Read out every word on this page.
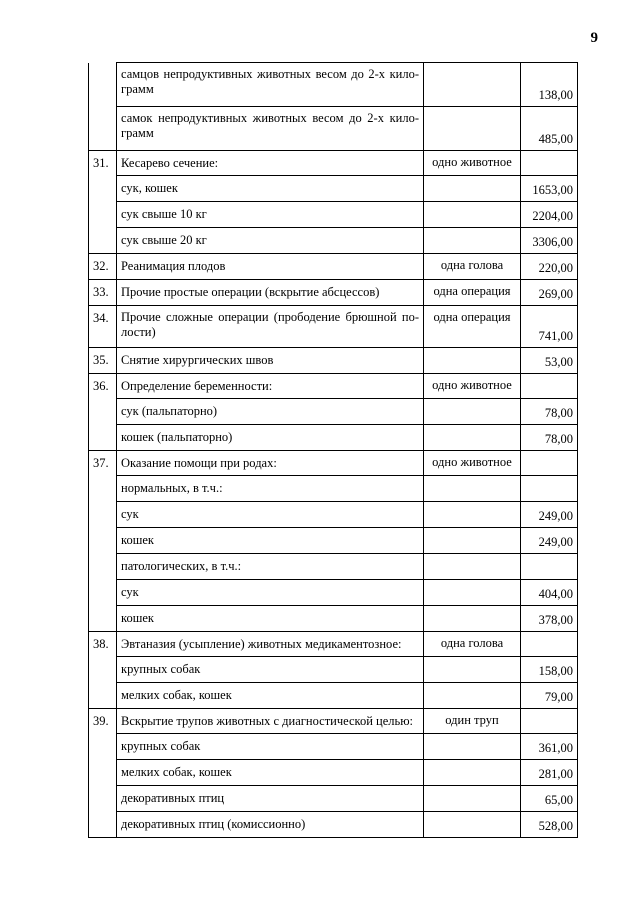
9
	самцов непродуктивных животных весом до 2-х кило-грамм		138,00
	самок непродуктивных животных весом до 2-х кило-грамм		485,00
31.	Кесарево сечение:	одно животное	
	сук, кошек		1653,00
	сук свыше 10 кг		2204,00
	сук свыше 20 кг		3306,00
32.	Реанимация плодов	одна голова	220,00
33.	Прочие простые операции (вскрытие абсцессов)	одна операция	269,00
34.	Прочие сложные операции (прободение брюшной по-лости)	одна операция	741,00
35.	Снятие хирургических швов		53,00
36.	Определение беременности:	одно животное	
	сук (пальпаторно)		78,00
	кошек (пальпаторно)		78,00
37.	Оказание помощи при родах:	одно животное	
	нормальных, в т.ч.:		
	сук		249,00
	кошек		249,00
	патологических, в т.ч.:		
	сук		404,00
	кошек		378,00
38.	Эвтаназия (усыпление) животных медикаментозное:	одна голова	
	крупных собак		158,00
	мелких собак, кошек		79,00
39.	Вскрытие трупов животных с диагностической целью:	один труп	
	крупных собак		361,00
	мелких собак, кошек		281,00
	декоративных птиц		65,00
	декоративных птиц (комиссионно)		528,00
